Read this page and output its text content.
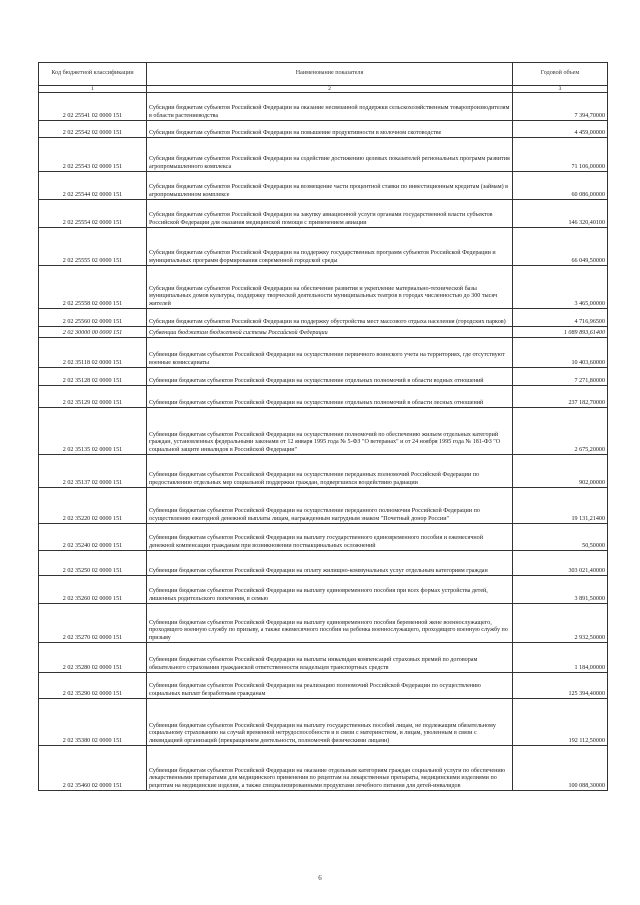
Код бюджетной классификации	Наименование показателя	Годовой объем
1	2	3
2 02 25541 02 0000 151	Субсидии бюджетам субъектов Российской Федерации на оказание несвязанной поддержки сельскохозяйственным товаропроизводителям в области растениеводства	7 394,70000
2 02 25542 02 0000 151	Субсидии бюджетам субъектов Российской Федерации на повышение продуктивности в молочном скотоводстве	4 459,00000
2 02 25543 02 0000 151	Субсидии бюджетам субъектов Российской Федерации на содействие достижению целевых показателей региональных программ развития агропромышленного комплекса	71 106,00000
2 02 25544 02 0000 151	Субсидии бюджетам субъектов Российской Федерации на возмещение части процентной ставки по инвестиционным кредитам (займам) в агропромышленном комплексе	60 086,00000
2 02 25554 02 0000 151	Субсидии бюджетам субъектов Российской Федерации на закупку авиационной услуги органами государственной власти субъектов Российской Федерации для оказания медицинской помощи с применением авиации	146 320,40100
2 02 25555 02 0000 151	Субсидии бюджетам субъектов Российской Федерации на поддержку государственных программ субъектов Российской Федерации и муниципальных программ формирования современной городской среды	66 049,50000
2 02 25558 02 0000 151	Субсидии бюджетам субъектов Российской Федерации на обеспечение развития и укрепление материально-технической базы муниципальных домов культуры, поддержку творческой деятельности муниципальных театров в городах численностью до 300 тысяч жителей	3 465,00000
2 02 25560 02 0000 151	Субсидии бюджетам субъектов Российской Федерации на поддержку обустройства мест массового отдыха населения (городских парков)	4 716,96500
2 02 30000 00 0000 151	Субвенции бюджетам бюджетной системы Российской Федерации	1 089 893,61400
2 02 35118 02 0000 151	Субвенции бюджетам субъектов Российской Федерации на осуществление первичного воинского учета на территориях, где отсутствуют военные комиссариаты	10 403,60000
2 02 35128 02 0000 151	Субвенции бюджетам субъектов Российской Федерации на осуществление отдельных полномочий в области водных отношений	7 271,80000
2 02 35129 02 0000 151	Субвенции бюджетам субъектов Российской Федерации на осуществление отдельных полномочий в области лесных отношений	237 182,70000
2 02 35135 02 0000 151	Субвенции бюджетам субъектов Российской Федерации на осуществление полномочий по обеспечению жильем отдельных категорий граждан, установленных федеральными законами от 12 января 1995 года № 5-ФЗ "О ветеранах" и от 24 ноября 1995 года № 181-ФЗ "О социальной защите инвалидов в Российской Федерации"	2 675,20000
2 02 35137 02 0000 151	Субвенции бюджетам субъектов Российской Федерации на осуществление переданных полномочий Российской Федерации по предоставлению отдельных мер социальной поддержки граждан, подвергшихся воздействию радиации	902,00000
2 02 35220 02 0000 151	Субвенции бюджетам субъектов Российской Федерации на осуществление переданного полномочия Российской Федерации по осуществлению ежегодной денежной выплаты лицам, награжденным нагрудным знаком "Почетный донор России"	19 131,21400
2 02 35240 02 0000 151	Субвенции бюджетам субъектов Российской Федерации на выплату государственного единовременного пособия и ежемесячной денежной компенсации гражданам при возникновении поствакцинальных осложнений	50,50000
2 02 35250 02 0000 151	Субвенции бюджетам субъектов Российской Федерации на оплату жилищно-коммунальных услуг отдельным категориям граждан	303 021,40000
2 02 35260 02 0000 151	Субвенции бюджетам субъектов Российской Федерации на выплату единовременного пособия при всех формах устройства детей, лишенных родительского попечения, в семью	3 891,50000
2 02 35270 02 0000 151	Субвенции бюджетам субъектов Российской Федерации на выплату единовременного пособия беременной жене военнослужащего, проходящего военную службу по призыву, а также ежемесячного пособия на ребенка военнослужащего, проходящего военную службу по призыву	2 932,50000
2 02 35280 02 0000 151	Субвенции бюджетам субъектов Российской Федерации на выплаты инвалидам компенсаций страховых премий по договорам обязательного страхования гражданской ответственности владельцев транспортных средств	1 184,00000
2 02 35290 02 0000 151	Субвенции бюджетам субъектов Российской Федерации на реализацию полномочий Российской Федерации по осуществлению социальных выплат безработным гражданам	125 394,40000
2 02 35380 02 0000 151	Субвенции бюджетам субъектов Российской Федерации на выплату государственных пособий лицам, не подлежащим обязательному социальному страхованию на случай временной нетрудоспособности и в связи с материнством, и лицам, уволенным в связи с ликвидацией организаций (прекращением деятельности, полномочий физическими лицами)	192 112,50000
2 02 35460 02 0000 151	Субвенции бюджетам субъектов Российской Федерации на оказание отдельным категориям граждан социальной услуги по обеспечению лекарственными препаратами для медицинского применения по рецептам на лекарственные препараты, медицинскими изделиями по рецептам на медицинские изделия, а также специализированными продуктами лечебного питания для детей-инвалидов	100 088,30000
6
